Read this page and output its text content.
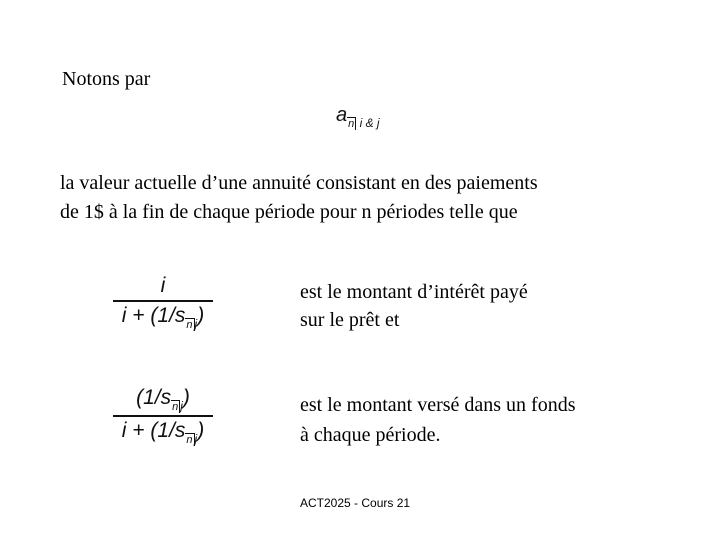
Notons par
$a_{n i \& j}$
la valeur actuelle d’une annuité consistant en des paiements
de 1$ à la fin de chaque période pour n périodes telle que
i
$i + (1/s_{n j})$
est le montant d’intérêt payé
sur le prêt et
$(1/s_{n j})$
$i + (1/s_{n j})$
est le montant versé dans un fonds
à chaque période.
ACT2025 - Cours 21
